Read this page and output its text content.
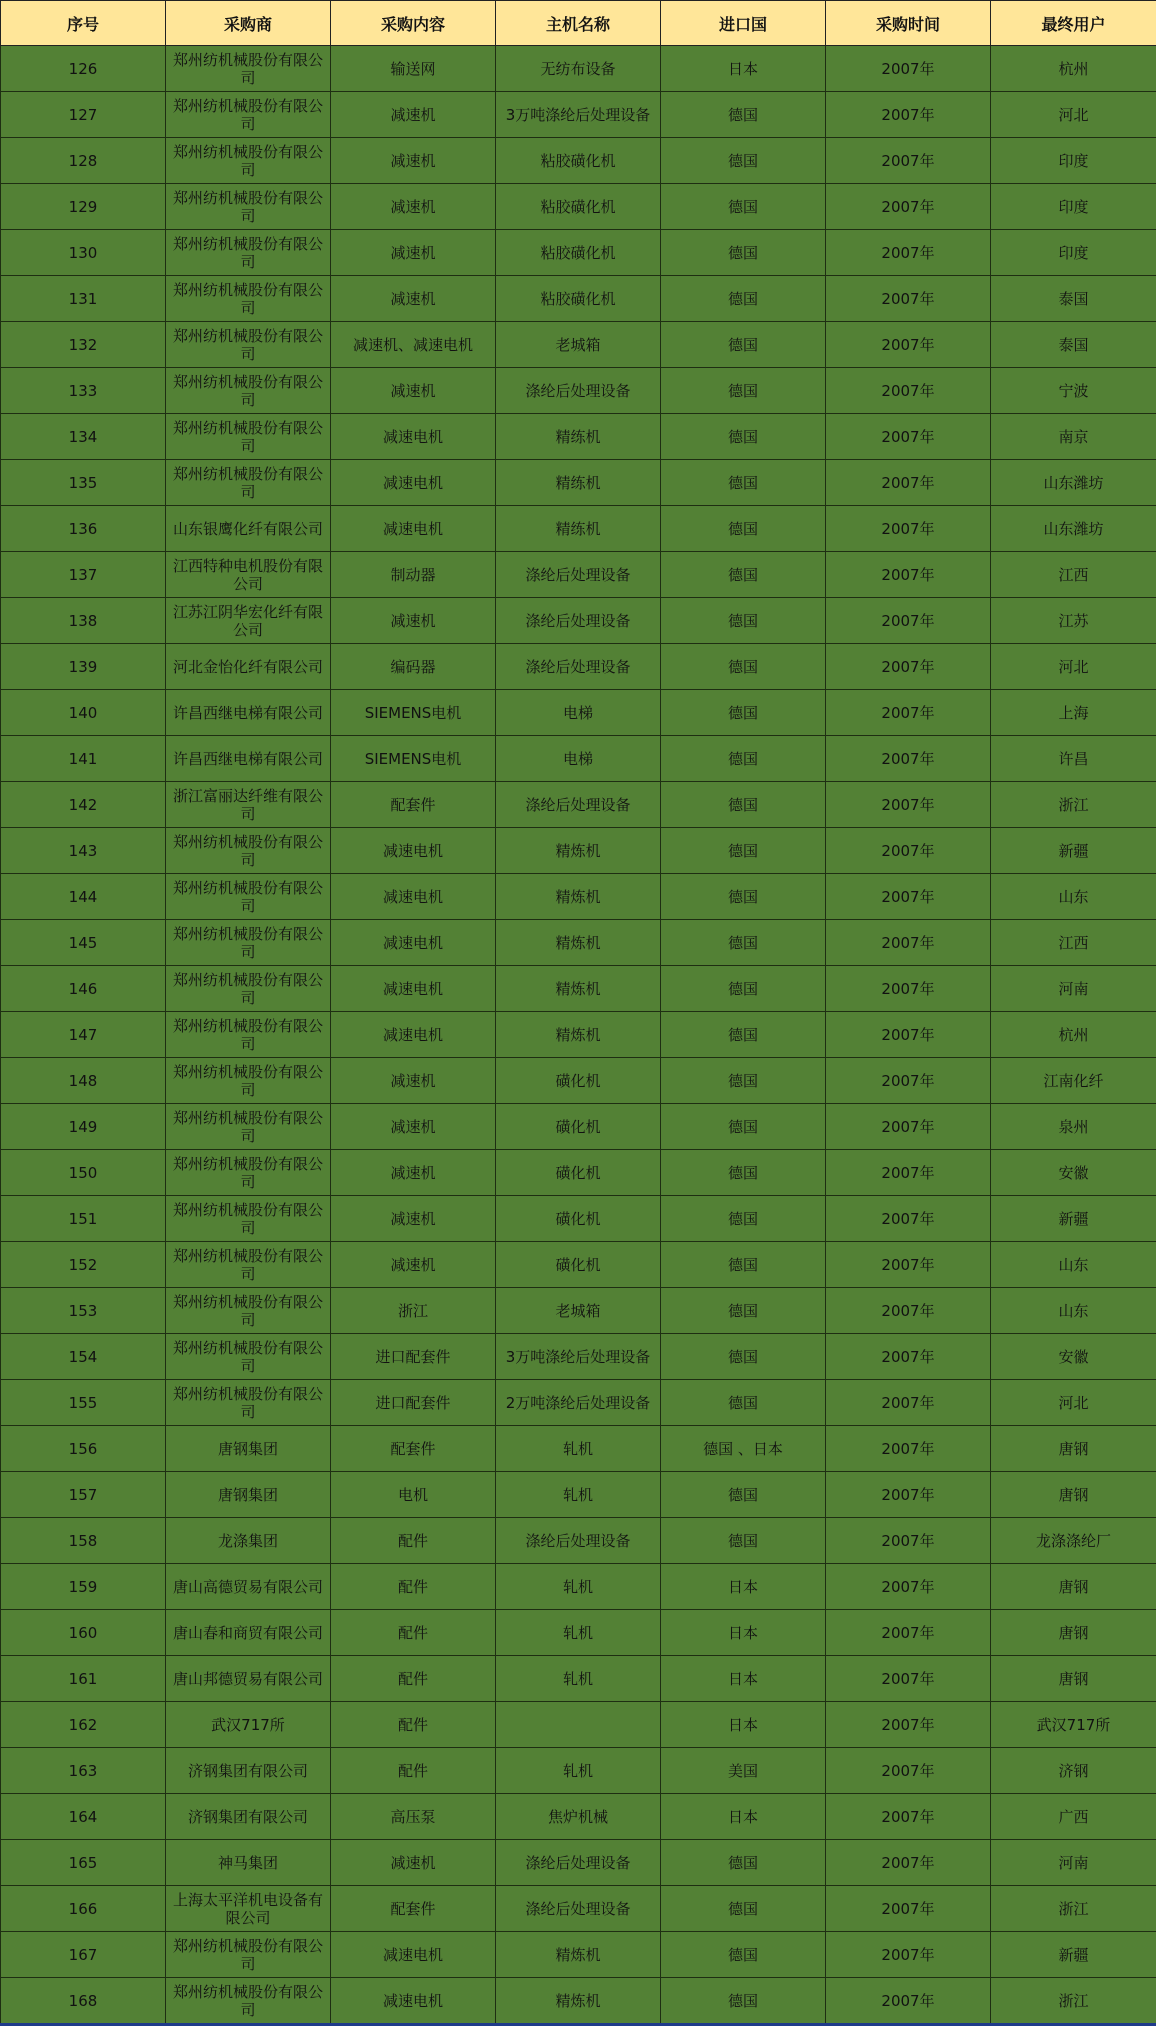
序号	采购商	采购内容	主机名称	进口国	采购时间	最终用户
126	郑州纺机械股份有限公司	输送网	无纺布设备	日本	2007年	杭州
127	郑州纺机械股份有限公司	减速机	3万吨涤纶后处理设备	德国	2007年	河北
128	郑州纺机械股份有限公司	减速机	粘胶磺化机	德国	2007年	印度
129	郑州纺机械股份有限公司	减速机	粘胶磺化机	德国	2007年	印度
130	郑州纺机械股份有限公司	减速机	粘胶磺化机	德国	2007年	印度
131	郑州纺机械股份有限公司	减速机	粘胶磺化机	德国	2007年	泰国
132	郑州纺机械股份有限公司	减速机、减速电机	老城箱	德国	2007年	泰国
133	郑州纺机械股份有限公司	减速机	涤纶后处理设备	德国	2007年	宁波
134	郑州纺机械股份有限公司	减速电机	精练机	德国	2007年	南京
135	郑州纺机械股份有限公司	减速电机	精练机	德国	2007年	山东潍坊
136	山东银鹰化纤有限公司	减速电机	精练机	德国	2007年	山东潍坊
137	江西特种电机股份有限公司	制动器	涤纶后处理设备	德国	2007年	江西
138	江苏江阴华宏化纤有限公司	减速机	涤纶后处理设备	德国	2007年	江苏
139	河北金怡化纤有限公司	编码器	涤纶后处理设备	德国	2007年	河北
140	许昌西继电梯有限公司	SIEMENS电机	电梯	德国	2007年	上海
141	许昌西继电梯有限公司	SIEMENS电机	电梯	德国	2007年	许昌
142	浙江富丽达纤维有限公司	配套件	涤纶后处理设备	德国	2007年	浙江
143	郑州纺机械股份有限公司	减速电机	精炼机	德国	2007年	新疆
144	郑州纺机械股份有限公司	减速电机	精炼机	德国	2007年	山东
145	郑州纺机械股份有限公司	减速电机	精炼机	德国	2007年	江西
146	郑州纺机械股份有限公司	减速电机	精炼机	德国	2007年	河南
147	郑州纺机械股份有限公司	减速电机	精炼机	德国	2007年	杭州
148	郑州纺机械股份有限公司	减速机	磺化机	德国	2007年	江南化纤
149	郑州纺机械股份有限公司	减速机	磺化机	德国	2007年	泉州
150	郑州纺机械股份有限公司	减速机	磺化机	德国	2007年	安徽
151	郑州纺机械股份有限公司	减速机	磺化机	德国	2007年	新疆
152	郑州纺机械股份有限公司	减速机	磺化机	德国	2007年	山东
153	郑州纺机械股份有限公司	浙江	老城箱	德国	2007年	山东
154	郑州纺机械股份有限公司	进口配套件	3万吨涤纶后处理设备	德国	2007年	安徽
155	郑州纺机械股份有限公司	进口配套件	2万吨涤纶后处理设备	德国	2007年	河北
156	唐钢集团	配套件	轧机	德国 、日本	2007年	唐钢
157	唐钢集团	电机	轧机	德国	2007年	唐钢
158	龙涤集团	配件	涤纶后处理设备	德国	2007年	龙涤涤纶厂
159	唐山高德贸易有限公司	配件	轧机	日本	2007年	唐钢
160	唐山春和商贸有限公司	配件	轧机	日本	2007年	唐钢
161	唐山邦德贸易有限公司	配件	轧机	日本	2007年	唐钢
162	武汉717所	配件		日本	2007年	武汉717所
163	济钢集团有限公司	配件	轧机	美国	2007年	济钢
164	济钢集团有限公司	高压泵	焦炉机械	日本	2007年	广西
165	神马集团	减速机	涤纶后处理设备	德国	2007年	河南
166	上海太平洋机电设备有限公司	配套件	涤纶后处理设备	德国	2007年	浙江
167	郑州纺机械股份有限公司	减速电机	精炼机	德国	2007年	新疆
168	郑州纺机械股份有限公司	减速电机	精炼机	德国	2007年	浙江
